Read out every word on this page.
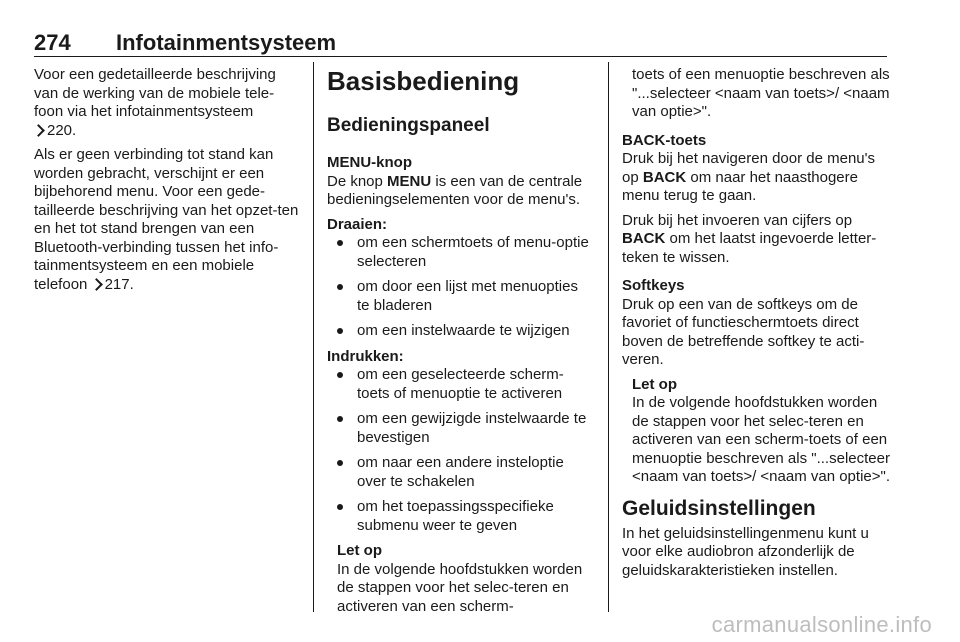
274 Infotainmentsysteem

Voor een gedetailleerde beschrijving van de werking van de mobiele tele-foon via het infotainmentsysteem
220.

Als er geen verbinding tot stand kan worden gebracht, verschijnt er een bijbehorend menu. Voor een gede-tailleerde beschrijving van het opzet-ten en het tot stand brengen van een Bluetooth-verbinding tussen het info-tainmentsysteem en een mobiele telefoon 217.

Basisbediening
Bedieningspaneel
MENU-knop

De knop MENU is een van de centrale bedieningselementen voor de menu's.

Draaien:
om een schermtoets of menu-optie selecteren
om door een lijst met menuopties te bladeren
om een instelwaarde te wijzigen
Indrukken:
om een geselecteerde scherm-toets of menuoptie te activeren
om een gewijzigde instelwaarde te bevestigen
om naar een andere insteloptie over te schakelen
om het toepassingsspecifieke submenu weer te geven
Let op
In de volgende hoofdstukken worden de stappen voor het selec-teren en activeren van een scherm-
toets of een menuoptie beschreven als "...selecteer <naam van toets>/ <naam van optie>".
BACK-toets

Druk bij het navigeren door de menu's op BACK om naar het naasthogere menu terug te gaan.

Druk bij het invoeren van cijfers op BACK om het laatst ingevoerde letter-teken te wissen.

Softkeys

Druk op een van de softkeys om de favoriet of functieschermtoets direct boven de betreffende softkey te acti-veren.

Let op
In de volgende hoofdstukken worden de stappen voor het selec-teren en activeren van een scherm-toets of een menuoptie beschreven als "...selecteer <naam van toets>/ <naam van optie>".
Geluidsinstellingen

In het geluidsinstellingenmenu kunt u voor elke audiobron afzonderlijk de geluidskarakteristieken instellen.

carmanualsonline.info
